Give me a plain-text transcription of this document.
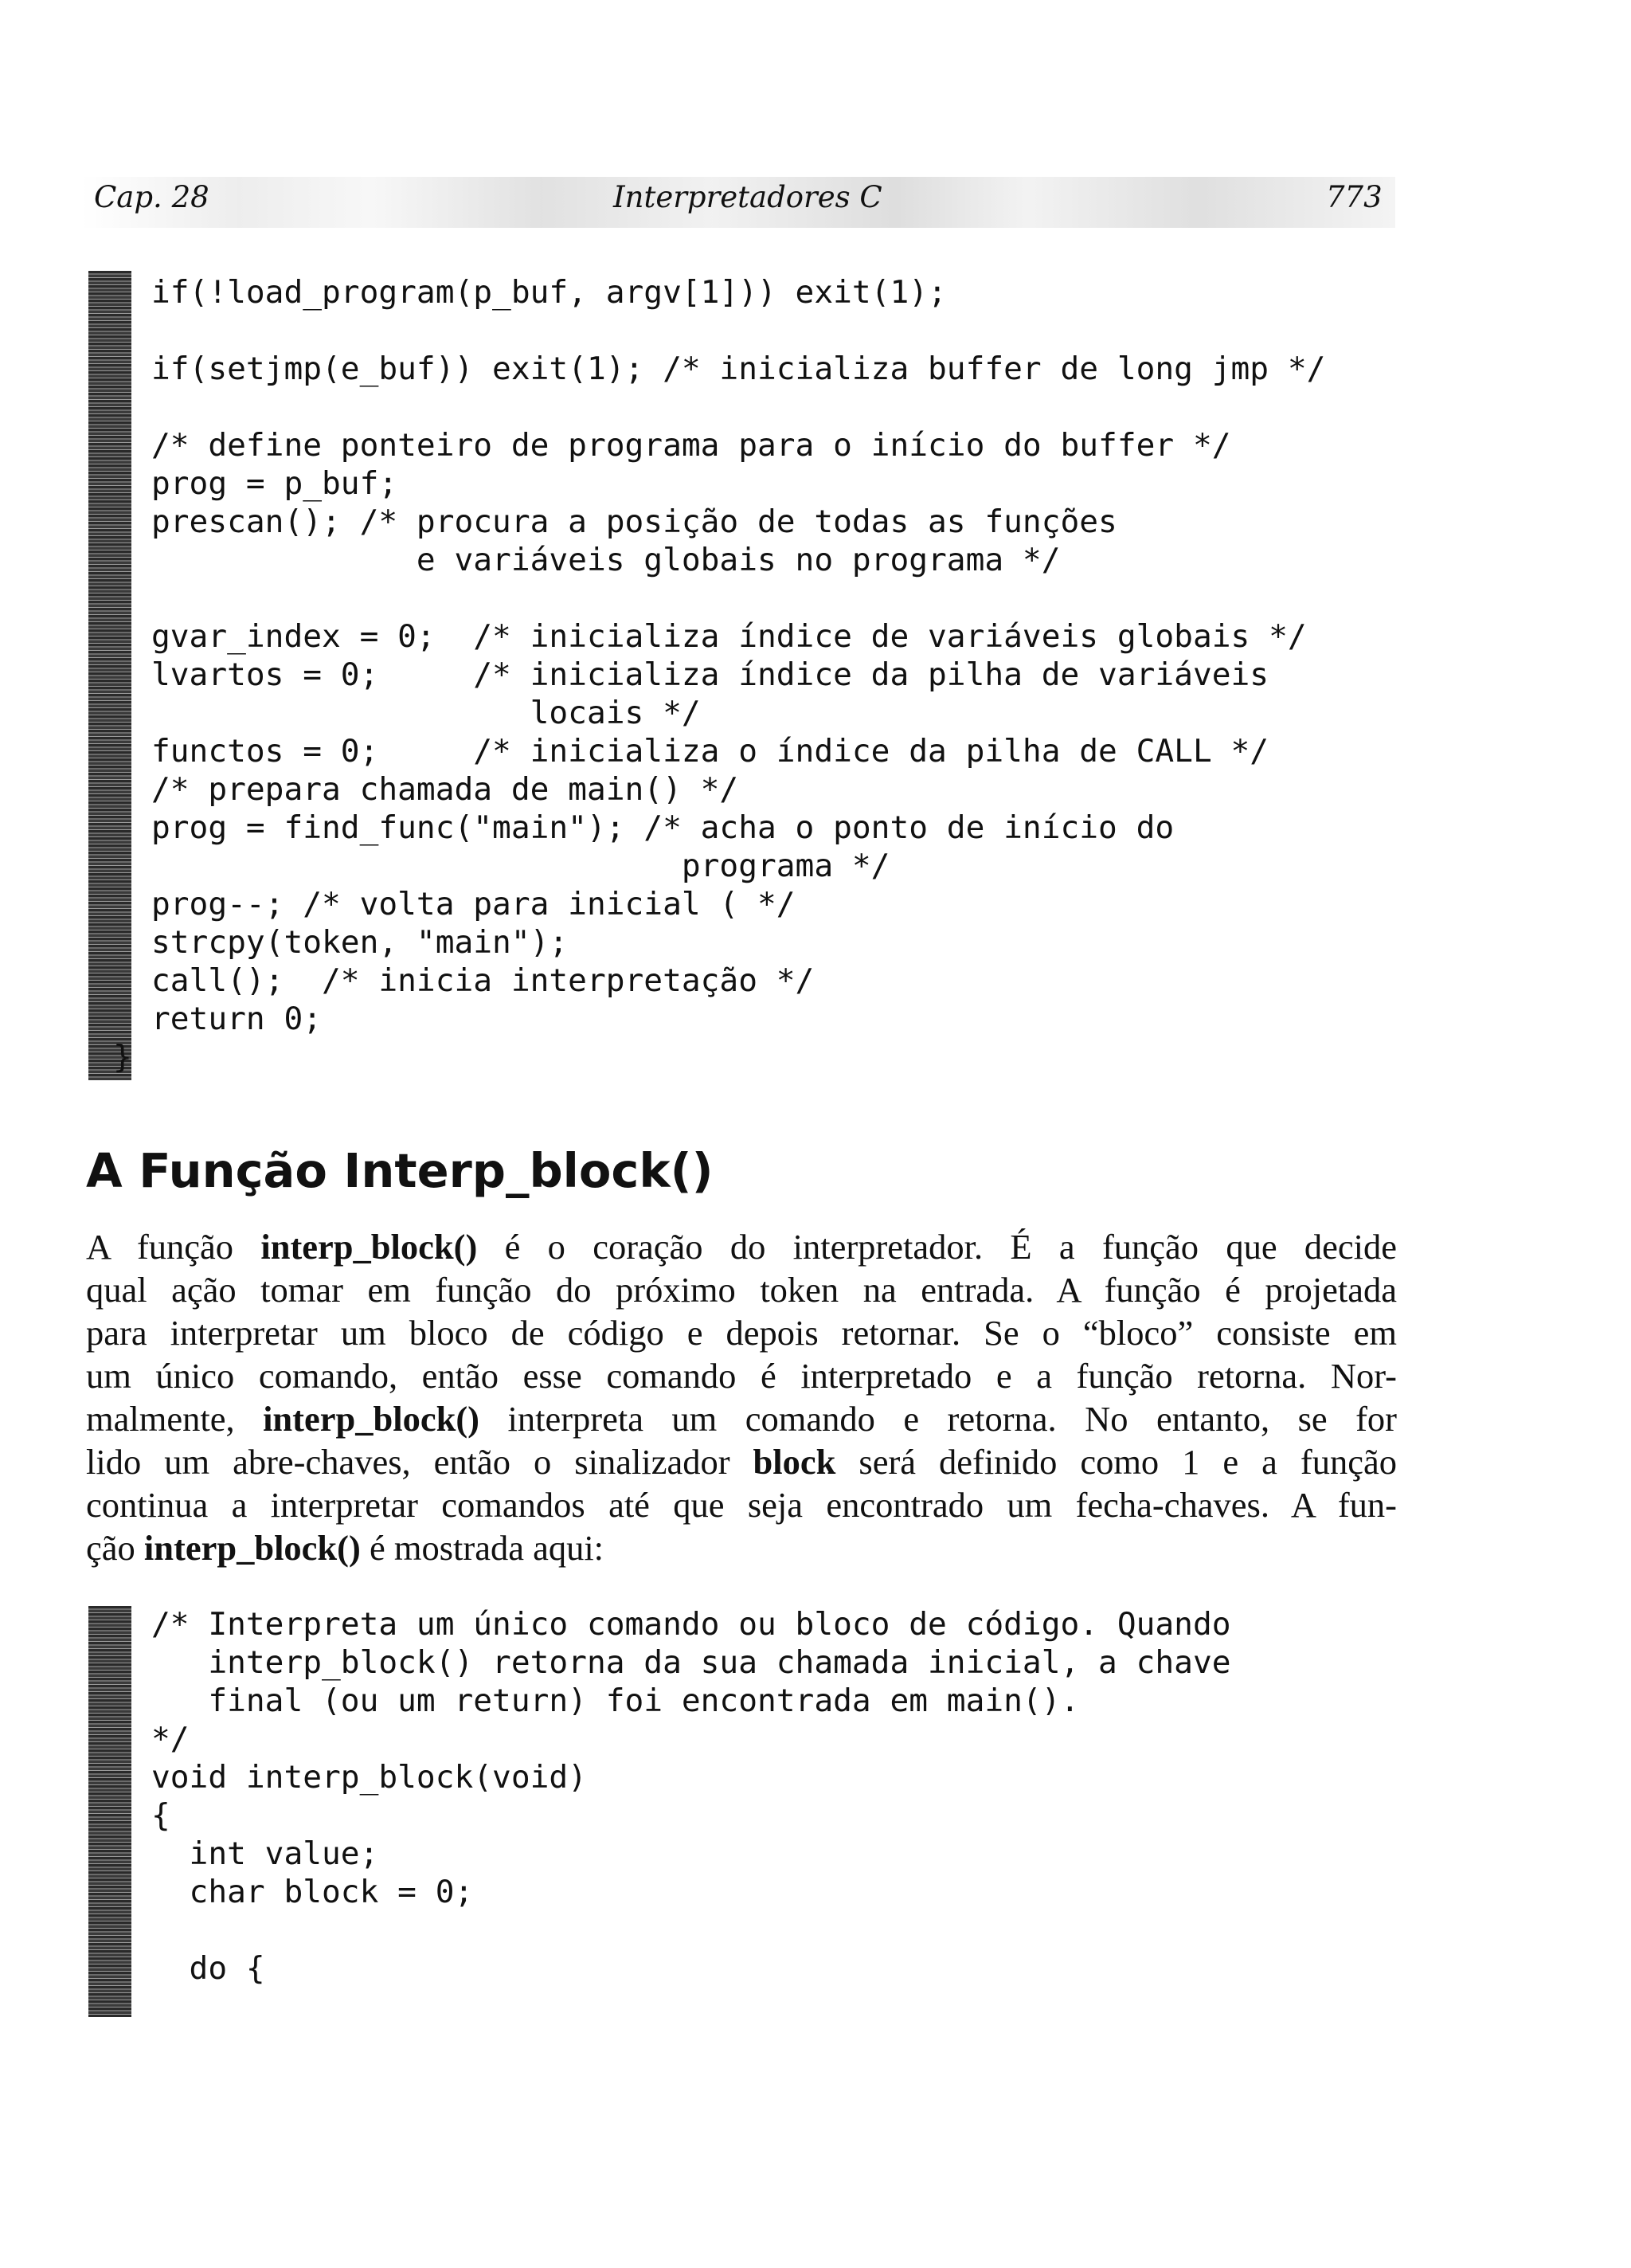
Cap. 28	Interpretadores C	773
if(!load_program(p_buf, argv[1])) exit(1);
if(setjmp(e_buf)) exit(1); /* inicializa buffer de long jmp */
/* define ponteiro de programa para o início do buffer */
prog = p_buf;
prescan(); /* procura a posição de todas as funções
e variáveis globais no programa */
gvar_index = 0;  /* inicializa índice de variáveis globais */
lvartos = 0;     /* inicializa índice da pilha de variáveis
locais */
functos = 0;     /* inicializa o índice da pilha de CALL */
/* prepara chamada de main() */
prog = find_func("main"); /* acha o ponto de início do
programa */
prog--; /* volta para inicial ( */
strcpy(token, "main");
call();  /* inicia interpretação */
return 0;
}
A Função Interp_block()
A função interp_block() é o coração do interpretador. É a função que decide
qual ação tomar em função do próximo token na entrada. A função é projetada
para interpretar um bloco de código e depois retornar. Se o “bloco” consiste em
um único comando, então esse comando é interpretado e a função retorna. Nor-
malmente, interp_block() interpreta um comando e retorna. No entanto, se for
lido um abre-chaves, então o sinalizador block será definido como 1 e a função
continua a interpretar comandos até que seja encontrado um fecha-chaves. A fun-
ção interp_block() é mostrada aqui:
/* Interpreta um único comando ou bloco de código. Quando
interp_block() retorna da sua chamada inicial, a chave
final (ou um return) foi encontrada em main().
*/
void interp_block(void)
{
int value;
char block = 0;
do {
